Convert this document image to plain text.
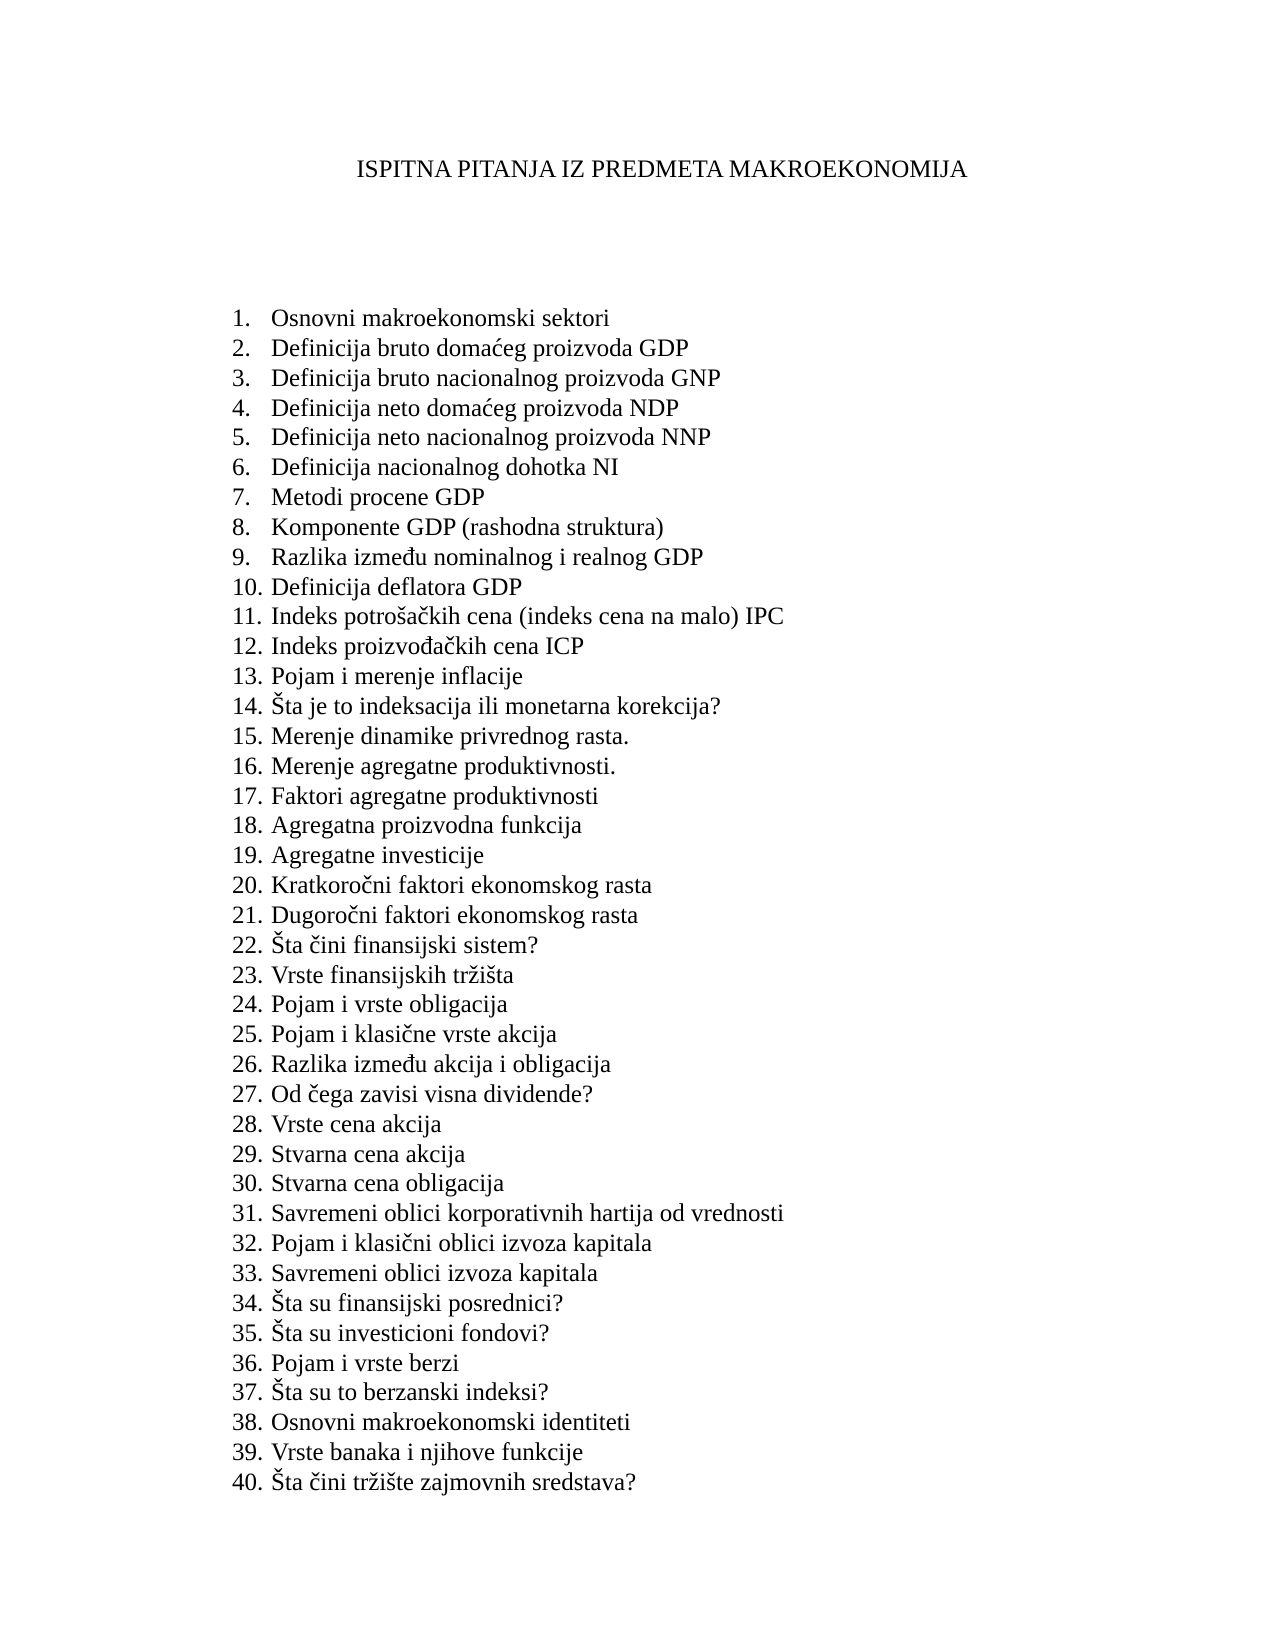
ISPITNA PITANJA IZ PREDMETA MAKROEKONOMIJA
1. Osnovni makroekonomski sektori
2. Definicija bruto domaćeg proizvoda GDP
3. Definicija bruto nacionalnog proizvoda GNP
4. Definicija neto domaćeg proizvoda NDP
5. Definicija neto nacionalnog proizvoda NNP
6. Definicija nacionalnog dohotka NI
7. Metodi procene GDP
8. Komponente GDP (rashodna struktura)
9. Razlika između nominalnog i realnog GDP
10. Definicija deflatora GDP
11. Indeks potrošačkih cena (indeks cena na malo) IPC
12. Indeks proizvođačkih cena ICP
13. Pojam i merenje inflacije
14. Šta je to indeksacija ili monetarna korekcija?
15. Merenje dinamike privrednog rasta.
16. Merenje agregatne produktivnosti.
17. Faktori agregatne produktivnosti
18. Agregatna proizvodna funkcija
19. Agregatne investicije
20. Kratkoročni faktori ekonomskog rasta
21. Dugoročni faktori ekonomskog rasta
22. Šta čini finansijski sistem?
23. Vrste finansijskih tržišta
24. Pojam i vrste obligacija
25. Pojam i klasične vrste akcija
26. Razlika između akcija i obligacija
27. Od čega zavisi visna dividende?
28. Vrste cena akcija
29. Stvarna cena akcija
30. Stvarna cena obligacija
31. Savremeni oblici korporativnih hartija od vrednosti
32. Pojam i klasični oblici izvoza kapitala
33. Savremeni oblici izvoza kapitala
34. Šta su finansijski posrednici?
35. Šta su investicioni fondovi?
36. Pojam i vrste berzi
37. Šta su to berzanski indeksi?
38. Osnovni makroekonomski identiteti
39. Vrste banaka i njihove funkcije
40. Šta čini tržište zajmovnih sredstava?
